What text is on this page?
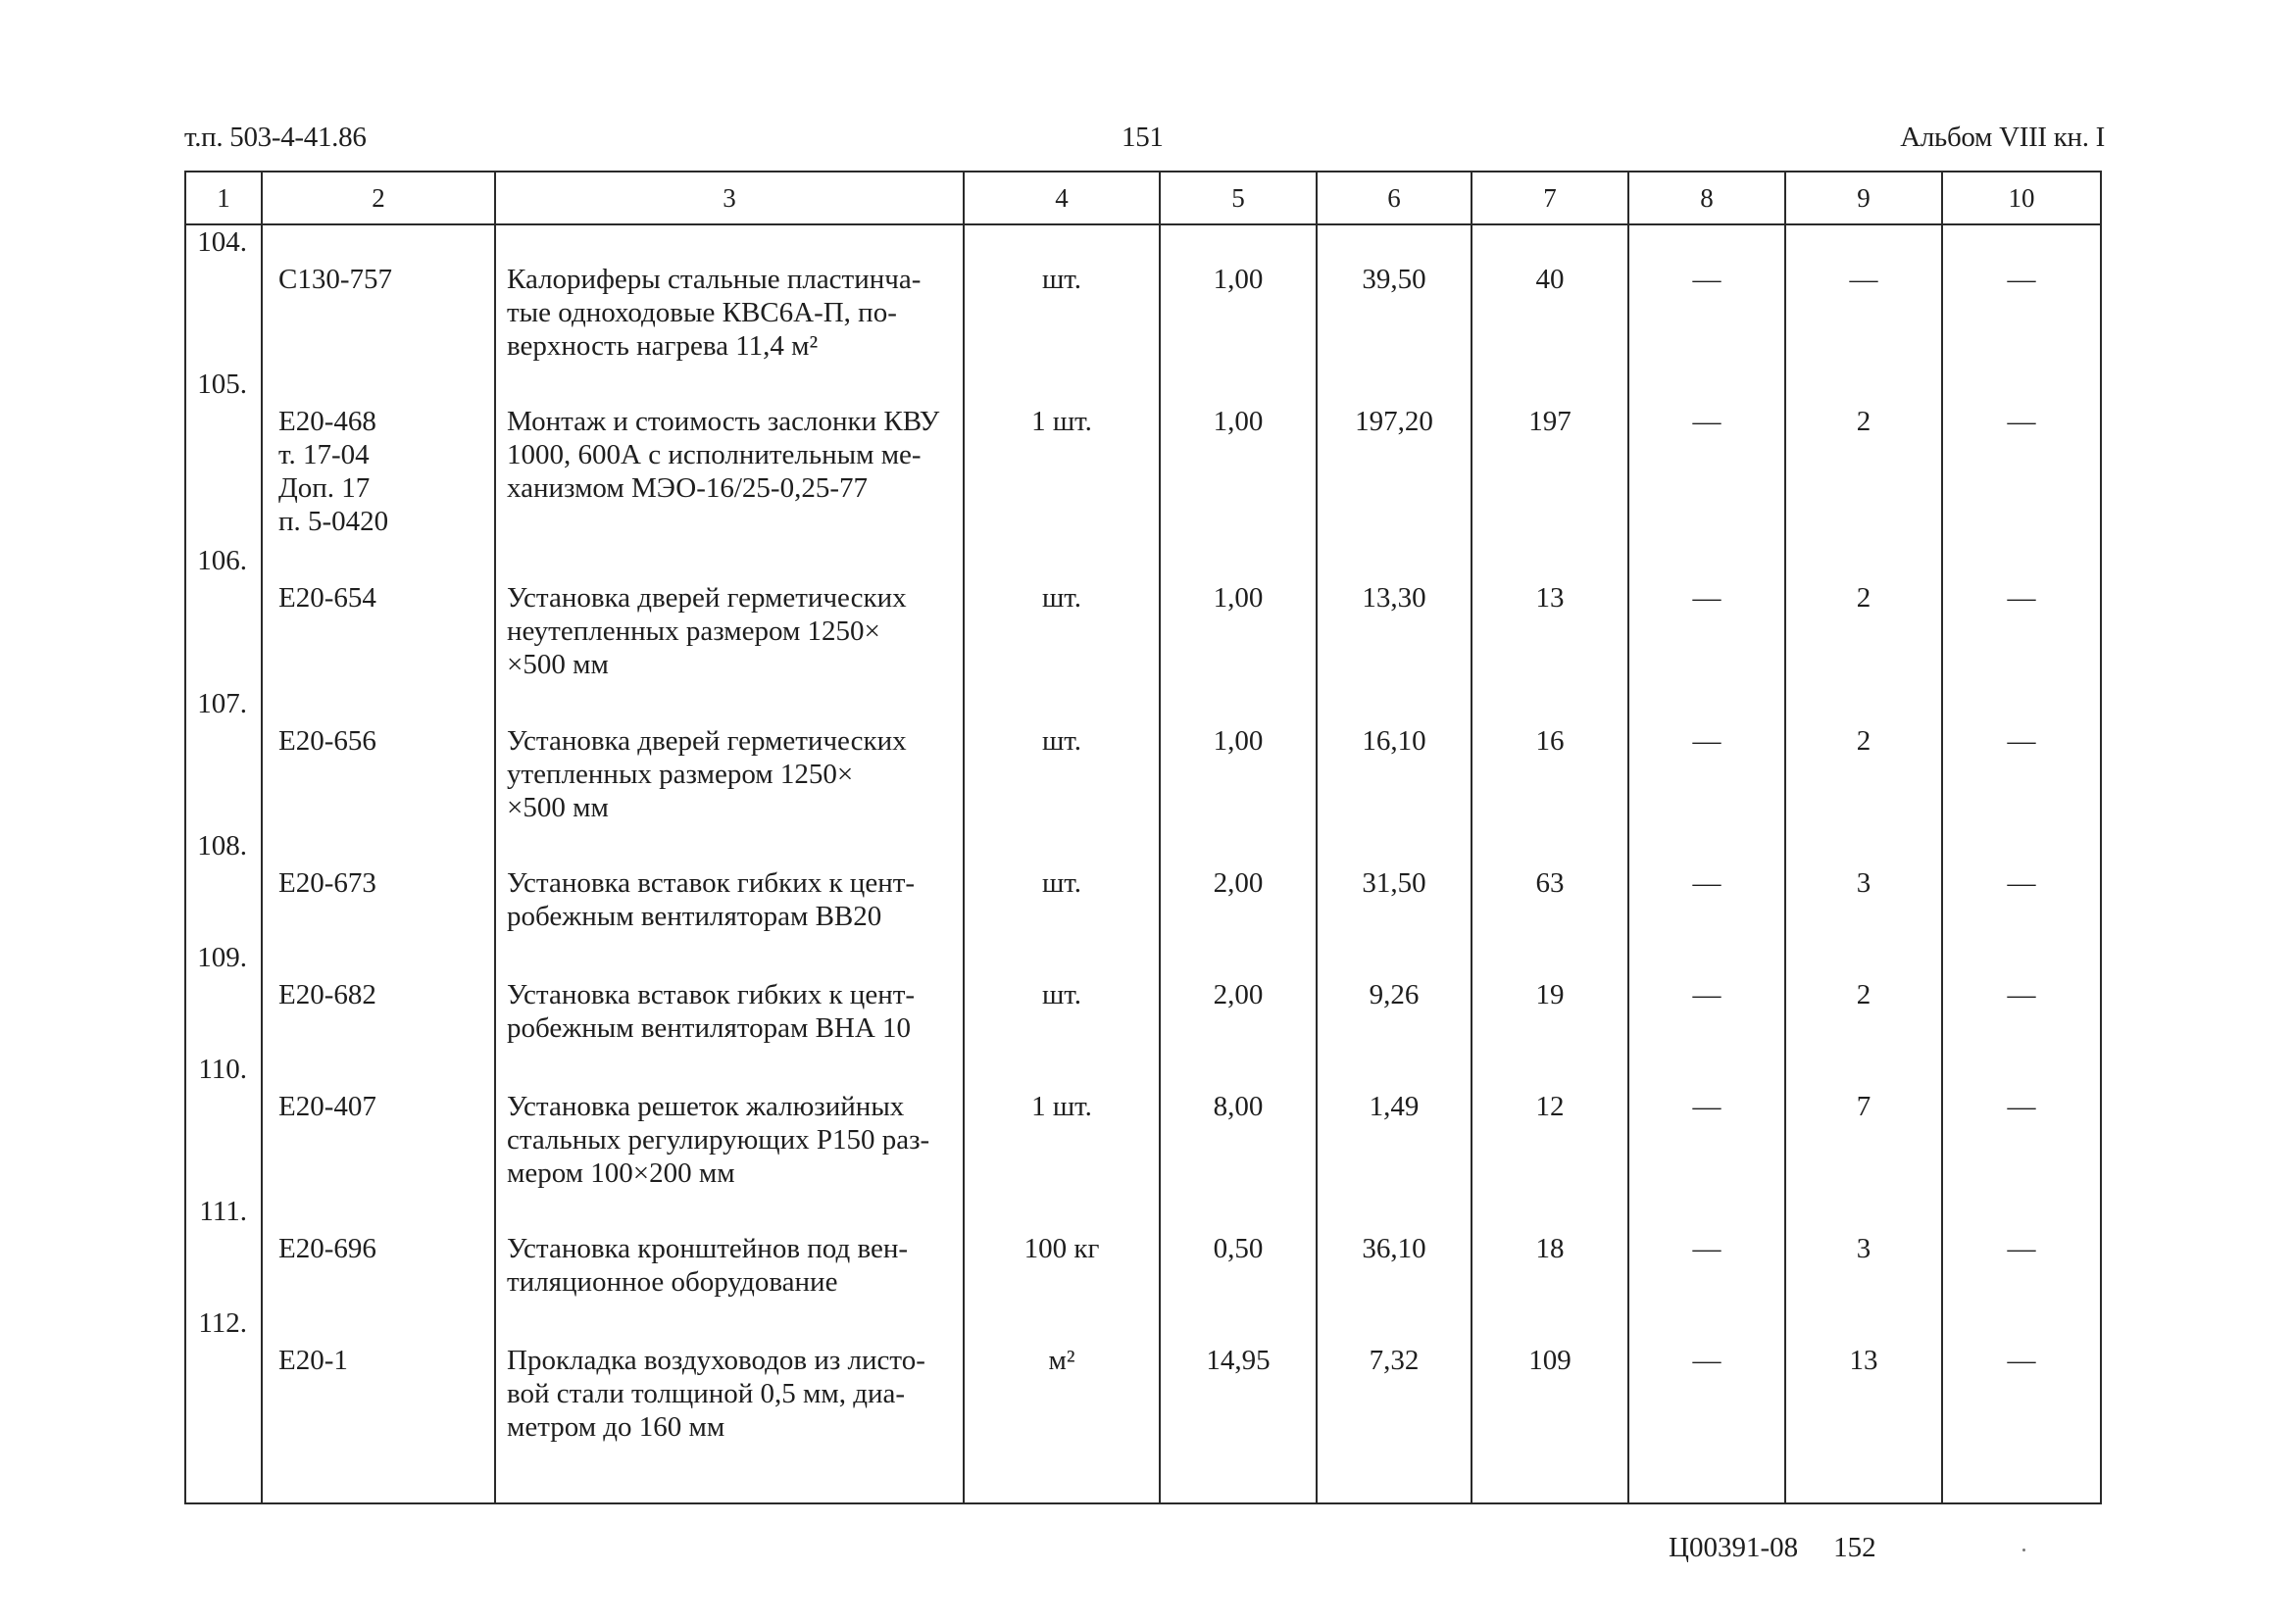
т.п. 503-4-41.86	151	Альбом VIII кн. I
1	2	3	4	5	6	7	8	9	10
104.	С130-757	Калориферы стальные пластинча-
тые одноходовые КВС6А-П, по-
верхность нагрева 11,4 м²	шт.	1,00	39,50	40	—	—	—
105.	Е20-468
т. 17-04
Доп. 17
п. 5-0420	Монтаж и стоимость заслонки КВУ
1000, 600А с исполнительным ме-
ханизмом МЭО-16/25-0,25-77	1 шт.	1,00	197,20	197	—	2	—
106.	Е20-654	Установка дверей герметических
неутепленных размером 1250×
×500 мм	шт.	1,00	13,30	13	—	2	—
107.	Е20-656	Установка дверей герметических
утепленных размером 1250×
×500 мм	шт.	1,00	16,10	16	—	2	—
108.	Е20-673	Установка вставок гибких к цент-
робежным вентиляторам ВВ20	шт.	2,00	31,50	63	—	3	—
109.	Е20-682	Установка вставок гибких к цент-
робежным вентиляторам ВНА 10	шт.	2,00	9,26	19	—	2	—
110.	Е20-407	Установка решеток жалюзийных
стальных регулирующих Р150 раз-
мером 100×200 мм	1 шт.	8,00	1,49	12	—	7	—
111.	Е20-696	Установка кронштейнов под вен-
тиляционное оборудование	100 кг	0,50	36,10	18	—	3	—
112.	Е20-1	Прокладка воздуховодов из листо-
вой стали толщиной 0,5 мм, диа-
метром до 160 мм	м²	14,95	7,32	109	—	13	—
Ц00391-08 152
